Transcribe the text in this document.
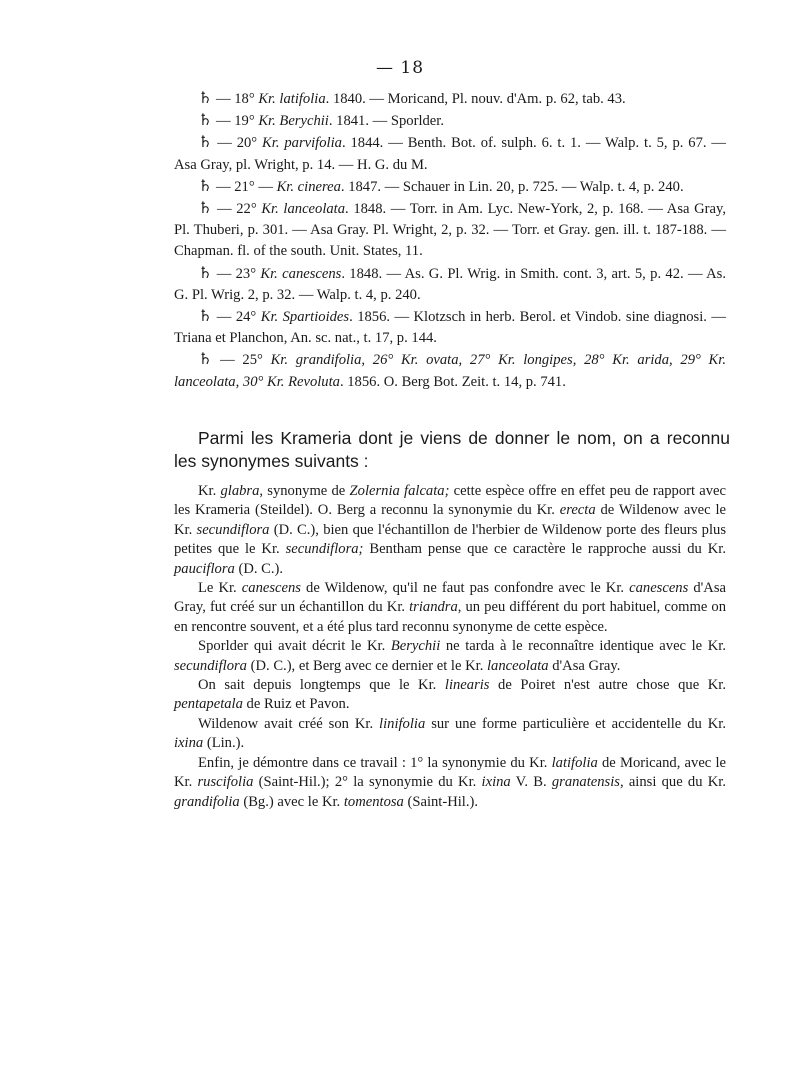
— 18

♄ — 18° Kr. latifolia. 1840. — Moricand, Pl. nouv. d'Am. p. 62, tab. 43.

♄ — 19° Kr. Berychii. 1841. — Sporlder.

♄ — 20° Kr. parvifolia. 1844. — Benth. Bot. of. sulph. 6. t. 1. — Walp. t. 5, p. 67. — Asa Gray, pl. Wright, p. 14. — H. G. du M.

♄ — 21° — Kr. cinerea. 1847. — Schauer in Lin. 20, p. 725. — Walp. t. 4, p. 240.

♄ — 22° Kr. lanceolata. 1848. — Torr. in Am. Lyc. New-York, 2, p. 168. — Asa Gray, Pl. Thuberi, p. 301. — Asa Gray. Pl. Wright, 2, p. 32. — Torr. et Gray. gen. ill. t. 187-188. — Chapman. fl. of the south. Unit. States, 11.

♄ — 23° Kr. canescens. 1848. — As. G. Pl. Wrig. in Smith. cont. 3, art. 5, p. 42. — As. G. Pl. Wrig. 2, p. 32. — Walp. t. 4, p. 240.

♄ — 24° Kr. Spartioides. 1856. — Klotzsch in herb. Berol. et Vindob. sine diagnosi. — Triana et Planchon, An. sc. nat., t. 17, p. 144.

♄ — 25° Kr. grandifolia, 26° Kr. ovata, 27° Kr. longipes, 28° Kr. arida, 29° Kr. lanceolata, 30° Kr. Revoluta. 1856. O. Berg Bot. Zeit. t. 14, p. 741.

Parmi les Krameria dont je viens de donner le nom, on a reconnu les synonymes suivants :

Kr. glabra, synonyme de Zolernia falcata; cette espèce offre en effet peu de rapport avec les Krameria (Steildel). O. Berg a reconnu la synonymie du Kr. erecta de Wildenow avec le Kr. secundiflora (D. C.), bien que l'échantillon de l'herbier de Wildenow porte des fleurs plus petites que le Kr. secundiflora; Bentham pense que ce caractère le rapproche aussi du Kr. pauciflora (D. C.).

Le Kr. canescens de Wildenow, qu'il ne faut pas confondre avec le Kr. canescens d'Asa Gray, fut créé sur un échantillon du Kr. triandra, un peu différent du port habituel, comme on en rencontre souvent, et a été plus tard reconnu synonyme de cette espèce.

Sporlder qui avait décrit le Kr. Berychii ne tarda à le reconnaître identique avec le Kr. secundiflora (D. C.), et Berg avec ce dernier et le Kr. lanceolata d'Asa Gray.

On sait depuis longtemps que le Kr. linearis de Poiret n'est autre chose que Kr. pentapetala de Ruiz et Pavon.

Wildenow avait créé son Kr. linifolia sur une forme particulière et accidentelle du Kr. ixina (Lin.).

Enfin, je démontre dans ce travail : 1° la synonymie du Kr. latifolia de Moricand, avec le Kr. ruscifolia (Saint-Hil.); 2° la synonymie du Kr. ixina V. B. granatensis, ainsi que du Kr. grandifolia (Bg.) avec le Kr. tomentosa (Saint-Hil.).
